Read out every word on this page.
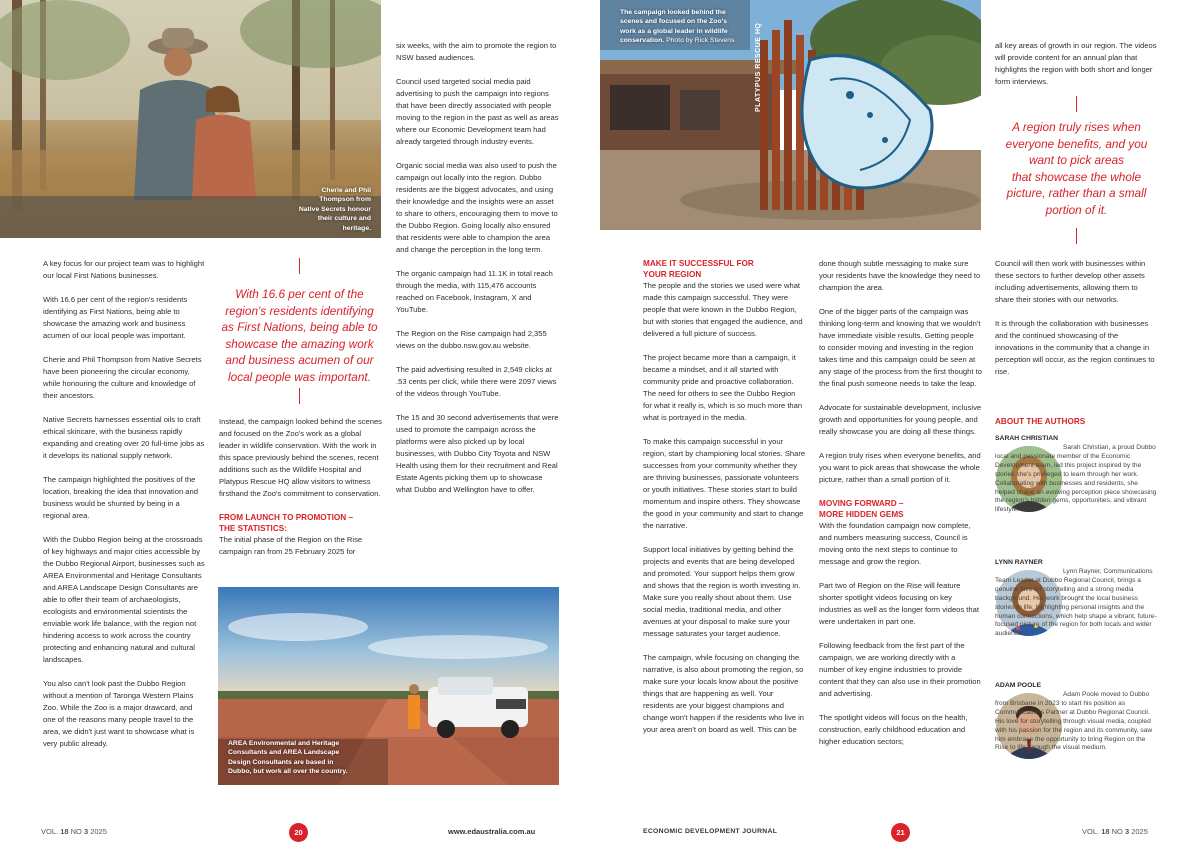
Cherie and Phil
Thompson from
Native Secrets honour
their culture and
heritage.

A key focus for our project team was to highlight our local First Nations businesses.

With 16.6 per cent of the region's residents identifying as First Nations, being able to showcase the amazing work and business acumen of our local people was important.

Cherie and Phil Thompson from Native Secrets have been pioneering the circular economy, while honouring the culture and knowledge of their ancestors.

Native Secrets harnesses essential oils to craft ethical skincare, with the business rapidly expanding and creating over 20 full-time jobs as it develops its national supply network.

The campaign highlighted the positives of the location, breaking the idea that innovation and business would be shunted by being in a regional area.

With the Dubbo Region being at the crossroads of key highways and major cities accessible by the Dubbo Regional Airport, businesses such as AREA Environmental and Heritage Consultants and AREA Landscape Design Consultants are able to offer their team of archaeologists, ecologists and environmental scientists the enviable work life balance, with the region not hindering access to work across the country protecting and enhancing natural and cultural landscapes.

You also can't look past the Dubbo Region without a mention of Taronga Western Plains Zoo. While the Zoo is a major drawcard, and one of the reasons many people travel to the area, we didn't just want to showcase what is very public already.

With 16.6 per cent of the
region's residents identifying
as First Nations, being able to
showcase the amazing work
and business acumen of our
local people was important.

Instead, the campaign looked behind the scenes and focused on the Zoo's work as a global leader in wildlife conservation. With the work in this space previously behind the scenes, recent additions such as the Wildlife Hospital and Platypus Rescue HQ allow visitors to witness firsthand the Zoo's commitment to conservation.

FROM LAUNCH TO PROMOTION –
THE STATISTICS:

The initial phase of the Region on the Rise campaign ran from 25 February 2025 for

six weeks, with the aim to promote the region to NSW based audiences.

Council used targeted social media paid advertising to push the campaign into regions that have been directly associated with people moving to the region in the past as well as areas where our Economic Development team had already targeted through industry events.

Organic social media was also used to push the campaign out locally into the region. Dubbo residents are the biggest advocates, and using their knowledge and the insights were an asset to share to others, encouraging them to move to the Dubbo Region. Going locally also ensured that residents were able to champion the area and change the perception in the long term.

The organic campaign had 11.1K in total reach through the media, with 115,476 accounts reached on Facebook, Instagram, X and YouTube.

The Region on the Rise campaign had 2,355 views on the dubbo.nsw.gov.au website.

The paid advertising resulted in 2,549 clicks at .53 cents per click, while there were 2097 views of the videos through YouTube.

The 15 and 30 second advertisements that were used to promote the campaign across the platforms were also picked up by local businesses, with Dubbo City Toyota and NSW Health using them for their recruitment and Real Estate Agents picking them up to showcase what Dubbo and Wellington have to offer.

AREA Environmental and Heritage
Consultants and AREA Landscape
Design Consultants are based in
Dubbo, but work all over the country.
VOL. 18 NO 3 2025	20	www.edaustralia.com.au
PLATYPUS RESCUE HQ
The campaign looked behind the
scenes and focused on the Zoo's
work as a global leader in wildlife
conservation. Photo by Rick Stevens

MAKE IT SUCCESSFUL FOR
YOUR REGION

The people and the stories we used were what made this campaign successful. They were people that were known in the Dubbo Region, but with stories that engaged the audience, and delivered a full picture of success.

The project became more than a campaign, it became a mindset, and it all started with community pride and proactive collaboration. The need for others to see the Dubbo Region for what it really is, which is so much more than what is portrayed in the media.

To make this campaign successful in your region, start by championing local stories. Share successes from your community whether they are thriving businesses, passionate volunteers or youth initiatives. These stories start to build momentum and inspire others. They showcase the good in your community and start to change the narrative.

Support local initiatives by getting behind the projects and events that are being developed and promoted. Your support helps them grow and shows that the region is worth investing in. Make sure you really shout about them. Use social media, traditional media, and other avenues at your disposal to make sure your message saturates your target audience.

The campaign, while focusing on changing the narrative, is also about promoting the region, so make sure your locals know about the positive things that are happening as well. Your residents are your biggest champions and change won't happen if the residents who live in your area aren't on board as well. This can be

done though subtle messaging to make sure your residents have the knowledge they need to champion the area.

One of the bigger parts of the campaign was thinking long-term and knowing that we wouldn't have immediate visible results. Getting people to consider moving and investing in the region takes time and this campaign could be seen at any stage of the process from the first thought to the final push someone needs to take the leap.

Advocate for sustainable development, inclusive growth and opportunities for young people, and really showcase you are doing all these things.

A region truly rises when everyone benefits, and you want to pick areas that showcase the whole picture, rather than a small portion of it.

MOVING FORWARD –
MORE HIDDEN GEMS

With the foundation campaign now complete, and numbers measuring success, Council is moving onto the next steps to continue to message and grow the region.

Part two of Region on the Rise will feature shorter spotlight videos focusing on key industries as well as the longer form videos that were undertaken in part one.

Following feedback from the first part of the campaign, we are working directly with a number of key engine industries to provide content that they can also use in their promotion and advertising.

The spotlight videos will focus on the health, construction, early childhood education and higher education sectors;

all key areas of growth in our region. The videos will provide content for an annual plan that highlights the region with both short and longer form interviews.

A region truly rises when
everyone benefits, and you
want to pick areas
that showcase the whole
picture, rather than a small
portion of it.

Council will then work with businesses within these sectors to further develop other assets including advertisements, allowing them to share their stories with our networks.

It is through the collaboration with businesses and the continued showcasing of the innovations in the community that a change in perception will occur, as the region continues to rise.

ABOUT THE AUTHORS
SARAH CHRISTIAN
Sarah Christian, a proud Dubbo local and passionate member of the Economic Development team, led this project inspired by the stories she's privileged to learn through her work. Collaborating with businesses and residents, she helped shape an evolving perception piece showcasing the region's hidden gems, opportunities, and vibrant lifestyle.
LYNN RAYNER
Lynn Rayner, Communications Team Leader at Dubbo Regional Council, brings a genuine love for storytelling and a strong media background. Her work brought the local business stories to life, highlighting personal insights and the human connections, which help shape a vibrant, future-focused picture of the region for both locals and wider audiences.
ADAM POOLE
Adam Poole moved to Dubbo from Brisbane in 2023 to start his position as Communications Partner at Dubbo Regional Council. His love for storytelling through visual media, coupled with his passion for the region and its community, saw him embrace the opportunity to bring Region on the Rise to life through the visual medium.
ECONOMIC DEVELOPMENT JOURNAL	21	VOL. 18 NO 3 2025
